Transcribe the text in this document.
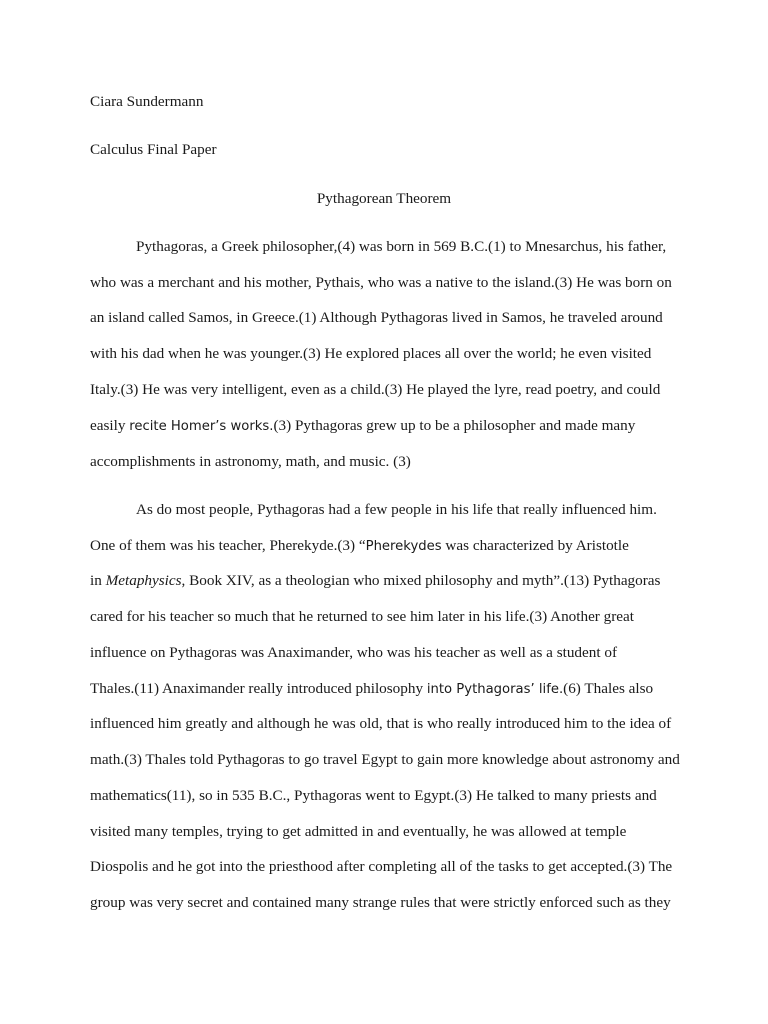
Ciara Sundermann
Calculus Final Paper
Pythagorean Theorem
Pythagoras, a Greek philosopher,(4) was born in 569 B.C.(1) to Mnesarchus, his father,
who was a merchant and his mother, Pythais, who was a native to the island.(3) He was born on
an island called Samos, in Greece.(1) Although Pythagoras lived in Samos, he traveled around
with his dad when he was younger.(3) He explored places all over the world; he even visited
Italy.(3) He was very intelligent, even as a child.(3) He played the lyre, read poetry, and could
easily recite Homer’s works.(3) Pythagoras grew up to be a philosopher and made many
accomplishments in astronomy, math, and music. (3)
As do most people, Pythagoras had a few people in his life that really influenced him.
One of them was his teacher, Pherekyde.(3) “Pherekydes was characterized by Aristotle
in Metaphysics, Book XIV, as a theologian who mixed philosophy and myth”.(13) Pythagoras
cared for his teacher so much that he returned to see him later in his life.(3) Another great
influence on Pythagoras was Anaximander, who was his teacher as well as a student of
Thales.(11) Anaximander really introduced philosophy into Pythagoras’ life.(6) Thales also
influenced him greatly and although he was old, that is who really introduced him to the idea of
math.(3) Thales told Pythagoras to go travel Egypt to gain more knowledge about astronomy and
mathematics(11), so in 535 B.C., Pythagoras went to Egypt.(3) He talked to many priests and
visited many temples, trying to get admitted in and eventually, he was allowed at temple
Diospolis and he got into the priesthood after completing all of the tasks to get accepted.(3) The
group was very secret and contained many strange rules that were strictly enforced such as they
